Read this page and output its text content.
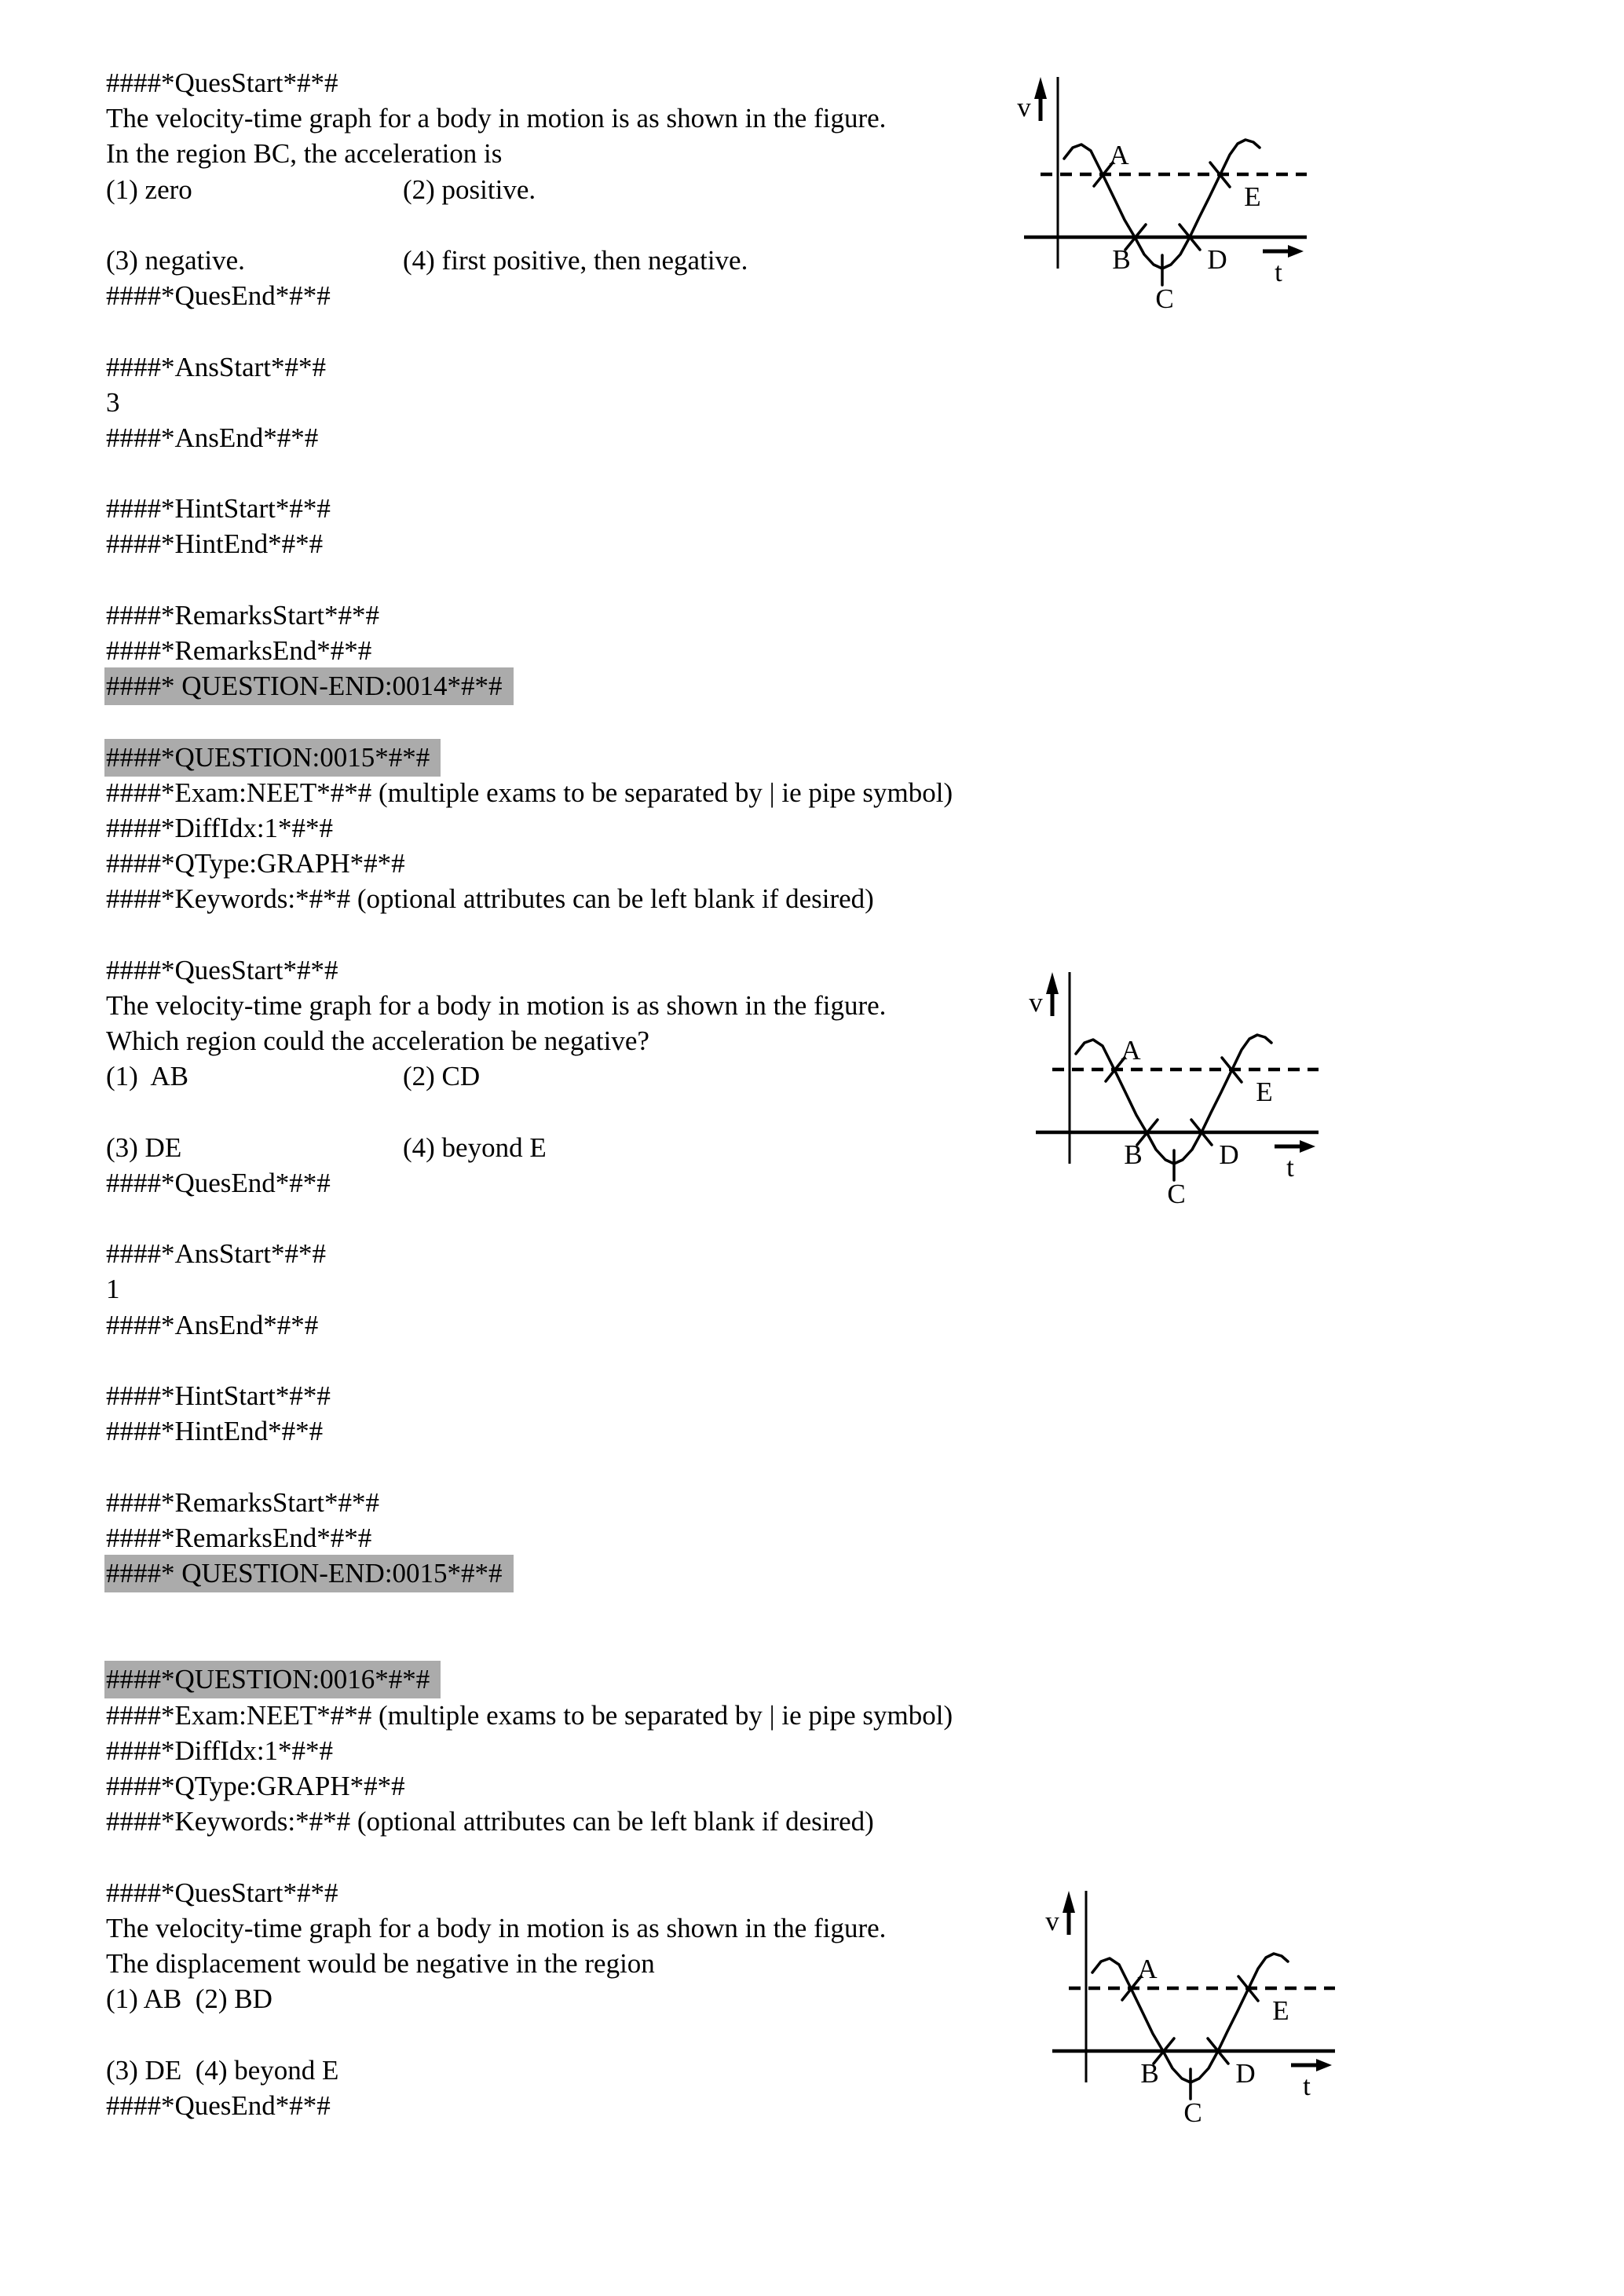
####*QuesStart*#*#
The velocity-time graph for a body in motion is as shown in the figure.
In the region BC, the acceleration is
(1) zero	(2) positive.
(3) negative.	(4) first positive, then negative.
####*QuesEnd*#*#
####*AnsStart*#*#
3
####*AnsEnd*#*#
####*HintStart*#*#
####*HintEnd*#*#
####*RemarksStart*#*#
####*RemarksEnd*#*#
####* QUESTION-END:0014*#*#
####*QUESTION:0015*#*#
####*Exam:NEET*#*# (multiple exams to be separated by | ie pipe symbol)
####*DiffIdx:1*#*#
####*QType:GRAPH*#*#
####*Keywords:*#*# (optional attributes can be left blank if desired)
####*QuesStart*#*#
The velocity-time graph for a body in motion is as shown in the figure.
Which region could the acceleration be negative?
(1)  AB	(2) CD
(3) DE	(4) beyond E
####*QuesEnd*#*#
####*AnsStart*#*#
1
####*AnsEnd*#*#
####*HintStart*#*#
####*HintEnd*#*#
####*RemarksStart*#*#
####*RemarksEnd*#*#
####* QUESTION-END:0015*#*#
####*QUESTION:0016*#*#
####*Exam:NEET*#*# (multiple exams to be separated by | ie pipe symbol)
####*DiffIdx:1*#*#
####*QType:GRAPH*#*#
####*Keywords:*#*# (optional attributes can be left blank if desired)
####*QuesStart*#*#
The velocity-time graph for a body in motion is as shown in the figure.
The displacement would be negative in the region
(1) AB  (2) BD
(3) DE  (4) beyond E
####*QuesEnd*#*#
v
t
A
B
C
D
E
v
t
A
B
C
D
E
v
t
A
B
C
D
E
